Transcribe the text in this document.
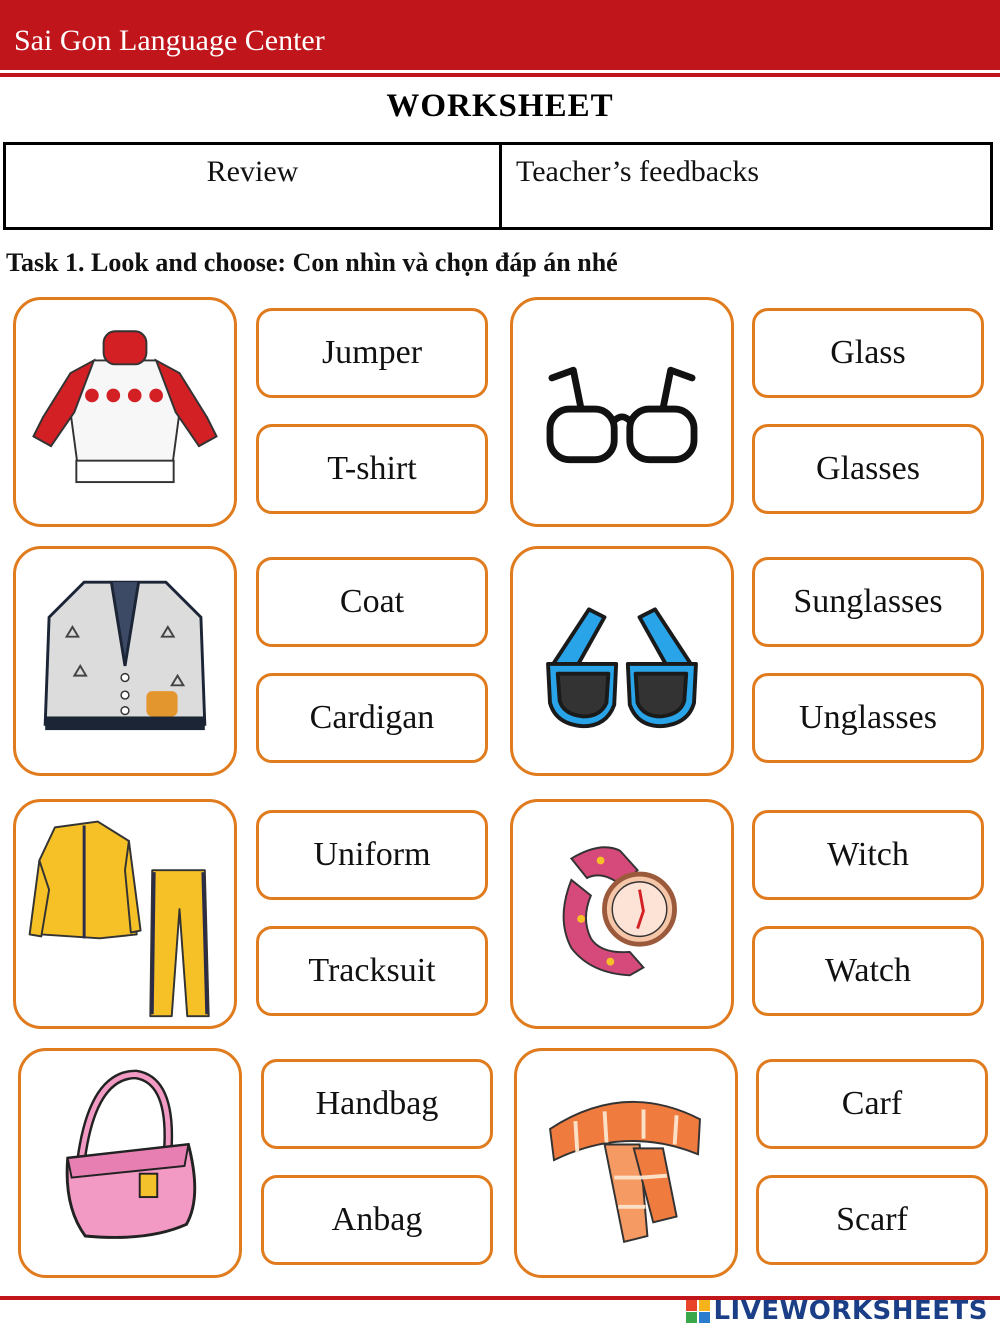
Sai Gon Language Center
WORKSHEET
Review	Teacher’s feedbacks
Task 1. Look and choose: Con nhìn và chọn đáp án nhé
Jumper
T-shirt
Glass
Glasses
Coat
Cardigan
Sunglasses
Unglasses
Uniform
Tracksuit
Witch
Watch
Handbag
Anbag
Carf
Scarf
LIVEWORKSHEETS
